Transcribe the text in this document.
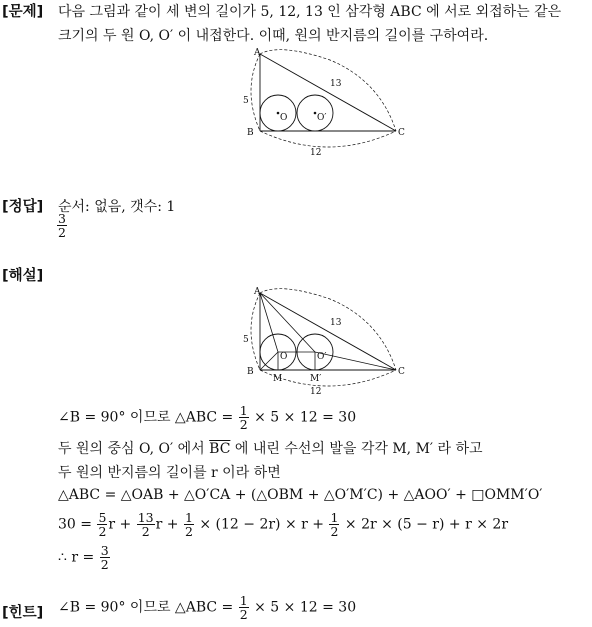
[문제] 다음 그림과 같이 세 변의 길이가 5, 12, 13 인 삼각형 ABC 에 서로 외접하는 같은
크기의 두 원 O, O′ 이 내접한다. 이때, 원의 반지름의 길이를 구하여라.
A
B	C
O	O′
5
13
12
[정답] 순서: 없음, 갯수: 1
$\frac{3}{2}$
[해설]
A
B	C
O	O′
M	M′
5
13
12
∠B = 90° 이므로 △ABC = $\frac{1}{2} \times 5 \times 12 = 30$
두 원의 중심 O, O′ 에서 $\overline{BC}$ 에 내린 수선의 발을 각각 M, M′ 라 하고
두 원의 반지름의 길이를 r 이라 하면
△ABC = △OAB + △O′CA + (△OBM + △O′M′C) + △AOO′ + □OMM′O′
$30 = \frac{5}{2}$ $r + \frac{13}{2}$ $r + \frac{1}{2} \times (12 - 2r) \times r + \frac{1}{2} \times 2r \times (5 - r) + r \times 2r$
∴ $r = \frac{3}{2}$
[힌트] ∠B = 90° 이므로 △ABC = $\frac{1}{2} \times 5 \times 12 = 30$
